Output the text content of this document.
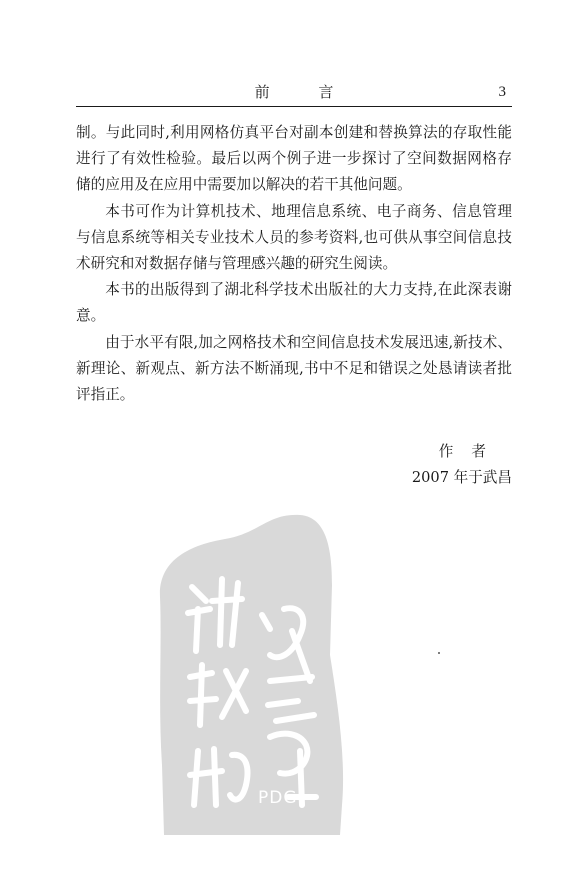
前 言	3

制。与此同时,利用网格仿真平台对副本创建和替换算法的存取性能进行了有效性检验。最后以两个例子进一步探讨了空间数据网格存储的应用及在应用中需要加以解决的若干其他问题。

本书可作为计算机技术、地理信息系统、电子商务、信息管理与信息系统等相关专业技术人员的参考资料,也可供从事空间信息技术研究和对数据存储与管理感兴趣的研究生阅读。

本书的出版得到了湖北科学技术出版社的大力支持,在此深表谢意。

由于水平有限,加之网格技术和空间信息技术发展迅速,新技术、新理论、新观点、新方法不断涌现,书中不足和错误之处恳请读者批评指正。

作者
2007 年于武昌
PDG
